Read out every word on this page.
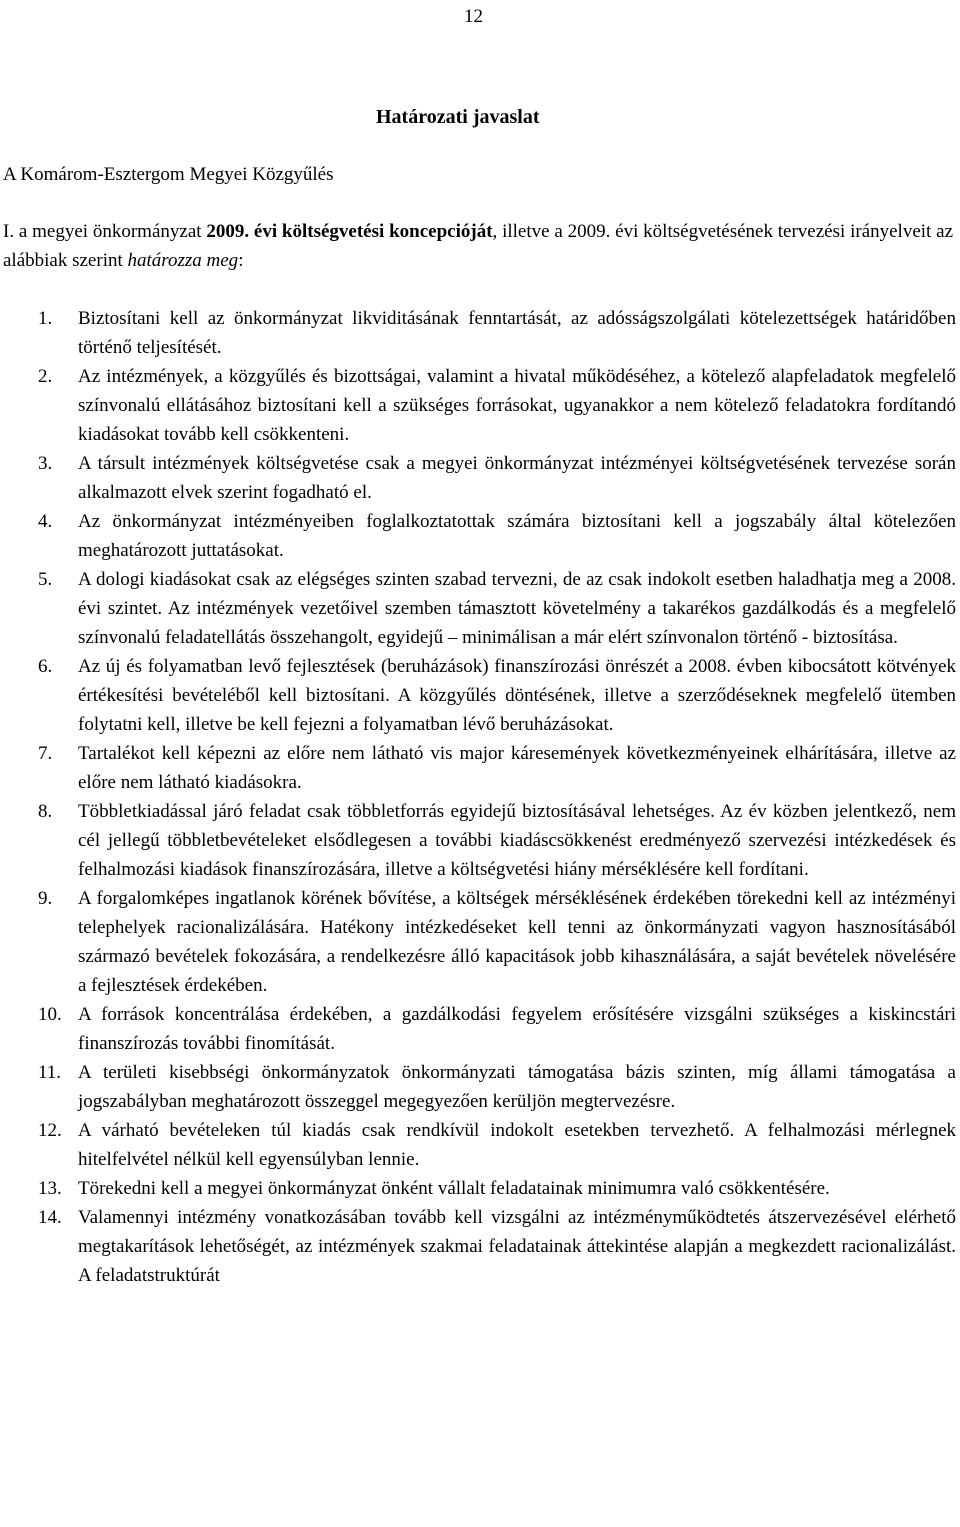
12
Határozati javaslat
A Komárom-Esztergom Megyei Közgyűlés
I. a megyei önkormányzat 2009. évi költségvetési koncepcióját, illetve a 2009. évi költségvetésének tervezési irányelveit az alábbiak szerint határozza meg:
1.	Biztosítani kell az önkormányzat likviditásának fenntartását, az adósságszolgálati kötelezettségek határidőben történő teljesítését.
2.	Az intézmények, a közgyűlés és bizottságai, valamint a hivatal működéséhez, a kötelező alapfeladatok megfelelő színvonalú ellátásához biztosítani kell a szükséges forrásokat, ugyanakkor a nem kötelező feladatokra fordítandó kiadásokat tovább kell csökkenteni.
3.	A társult intézmények költségvetése csak a megyei önkormányzat intézményei költségvetésének tervezése során alkalmazott elvek szerint fogadható el.
4.	Az önkormányzat intézményeiben foglalkoztatottak számára biztosítani kell a jogszabály által kötelezően meghatározott juttatásokat.
5.	A dologi kiadásokat csak az elégséges szinten szabad tervezni, de az csak indokolt esetben haladhatja meg a 2008. évi szintet. Az intézmények vezetőivel szemben támasztott követelmény a takarékos gazdálkodás és a megfelelő színvonalú feladatellátás összehangolt, egyidejű – minimálisan a már elért színvonalon történő - biztosítása.
6.	Az új és folyamatban levő fejlesztések (beruházások) finanszírozási önrészét a 2008. évben kibocsátott kötvények értékesítési bevételéből kell biztosítani. A közgyűlés döntésének, illetve a szerződéseknek megfelelő ütemben folytatni kell, illetve be kell fejezni a folyamatban lévő beruházásokat.
7.	Tartalékot kell képezni az előre nem látható vis major káresemények következményeinek elhárítására, illetve az előre nem látható kiadásokra.
8.	Többletkiadással járó feladat csak többletforrás egyidejű biztosításával lehetséges. Az év közben jelentkező, nem cél jellegű többletbevételeket elsődlegesen a további kiadáscsökkenést eredményező szervezési intézkedések és felhalmozási kiadások finanszírozására, illetve a költségvetési hiány mérséklésére kell fordítani.
9.	A forgalomképes ingatlanok körének bővítése, a költségek mérséklésének érdekében törekedni kell az intézményi telephelyek racionalizálására. Hatékony intézkedéseket kell tenni az önkormányzati vagyon hasznosításából származó bevételek fokozására, a rendelkezésre álló kapacitások jobb kihasználására, a saját bevételek növelésére a fejlesztések érdekében.
10. A források koncentrálása érdekében, a gazdálkodási fegyelem erősítésére vizsgálni szükséges a kiskincstári finanszírozás további finomítását.
11. A területi kisebbségi önkormányzatok önkormányzati támogatása bázis szinten, míg állami támogatása a jogszabályban meghatározott összeggel megegyezően kerüljön megtervezésre.
12. A várható bevételeken túl kiadás csak rendkívül indokolt esetekben tervezhető. A felhalmozási mérlegnek hitelfelvétel nélkül kell egyensúlyban lennie.
13. Törekedni kell a megyei önkormányzat önként vállalt feladatainak minimumra való csökkentésére.
14. Valamennyi intézmény vonatkozásában tovább kell vizsgálni az intézményműködtetés átszervezésével elérhető megtakarítások lehetőségét, az intézmények szakmai feladatainak áttekintése alapján a megkezdett racionalizálást. A feladatstruktúrát
